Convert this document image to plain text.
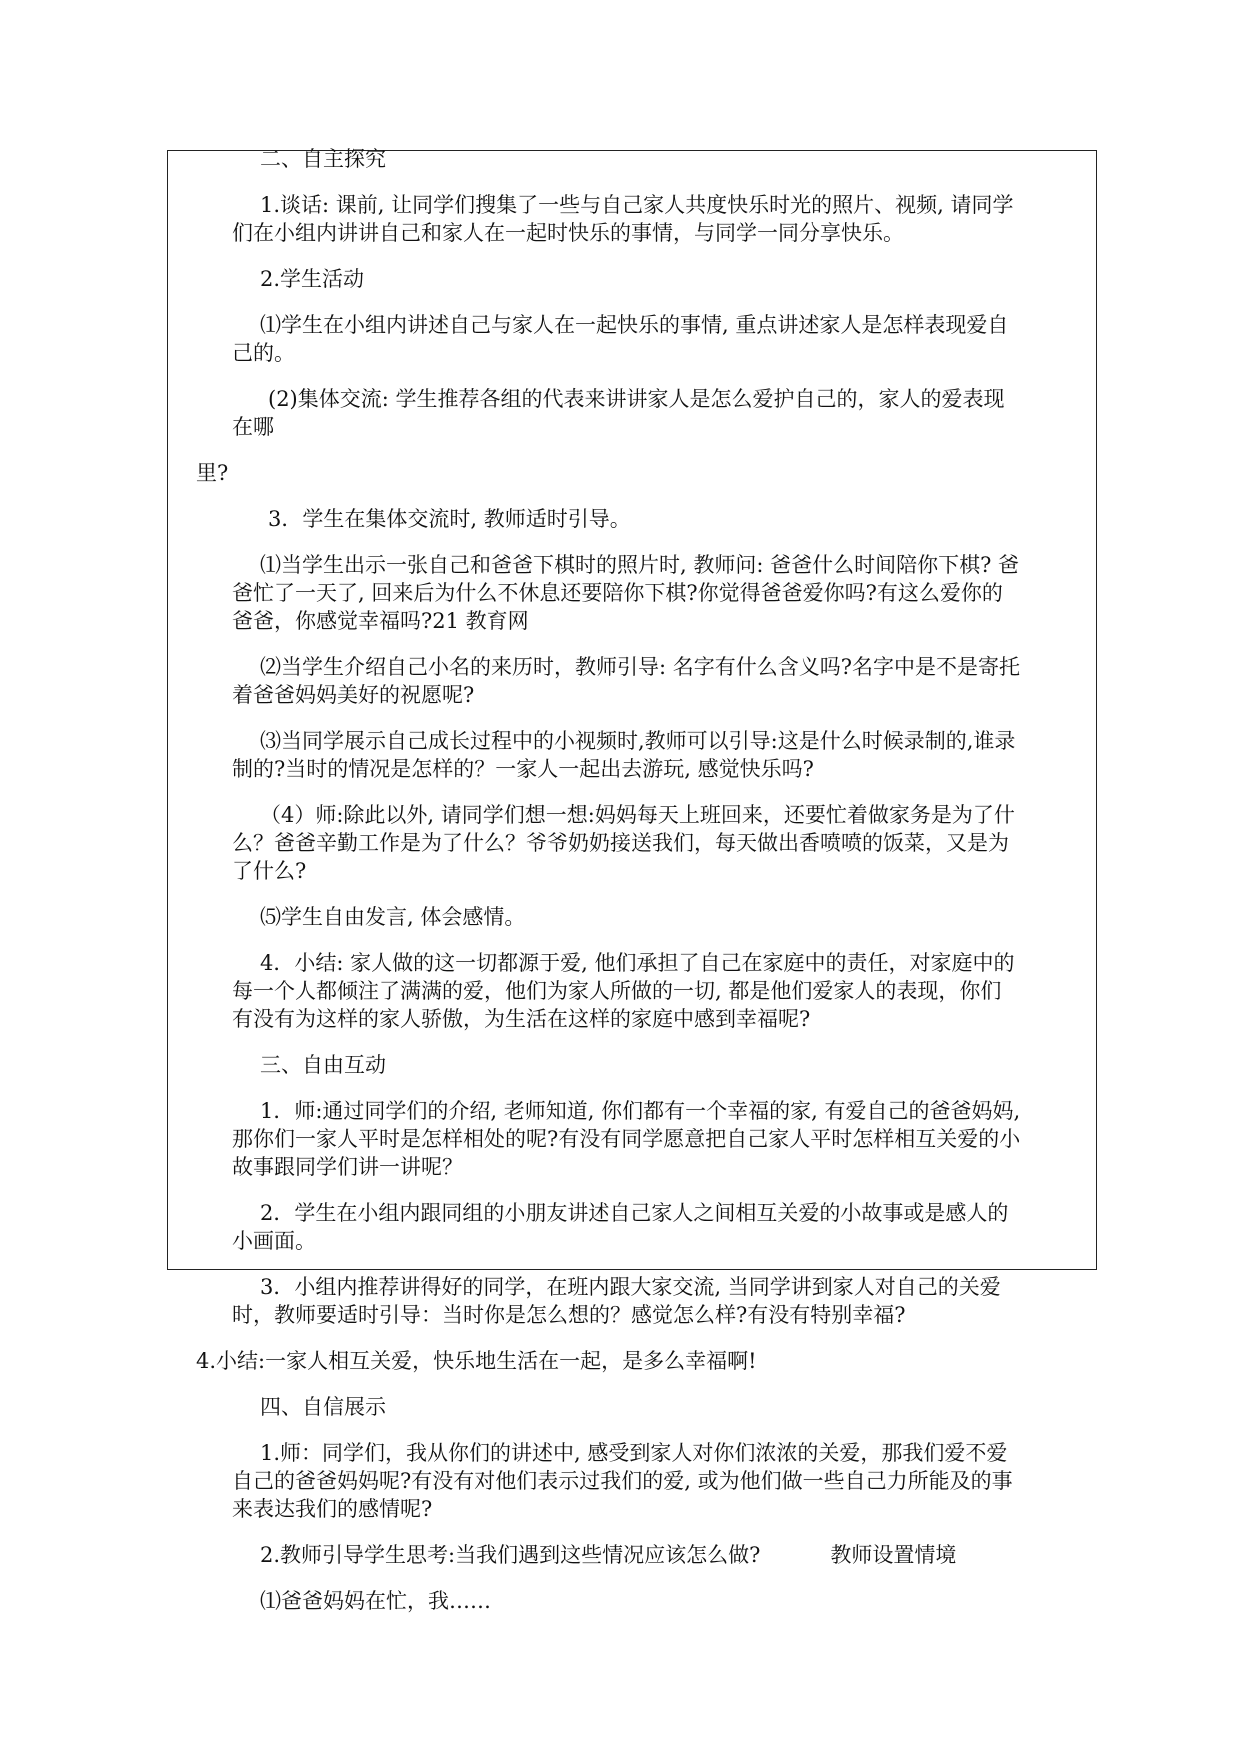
二、自主探究

1.谈话: 课前, 让同学们搜集了一些与自己家人共度快乐时光的照片、视频, 请同学们在小组内讲讲自己和家人在一起时快乐的事情，与同学一同分享快乐。

2.学生活动

⑴学生在小组内讲述自己与家人在一起快乐的事情, 重点讲述家人是怎样表现爱自己的。

(2)集体交流: 学生推荐各组的代表来讲讲家人是怎么爱护自己的，家人的爱表现在哪

里?

3．学生在集体交流时, 教师适时引导。

⑴当学生出示一张自己和爸爸下棋时的照片时, 教师问: 爸爸什么时间陪你下棋? 爸爸忙了一天了, 回来后为什么不休息还要陪你下棋?你觉得爸爸爱你吗?有这么爱你的爸爸，你感觉幸福吗?21 教育网

⑵当学生介绍自己小名的来历时，教师引导: 名字有什么含义吗?名字中是不是寄托着爸爸妈妈美好的祝愿呢?

⑶当同学展示自己成长过程中的小视频时,教师可以引导:这是什么时候录制的,谁录制的?当时的情况是怎样的？一家人一起出去游玩, 感觉快乐吗?

（4）师:除此以外, 请同学们想一想:妈妈每天上班回来，还要忙着做家务是为了什么？爸爸辛勤工作是为了什么？爷爷奶奶接送我们，每天做出香喷喷的饭菜，又是为了什么?

⑸学生自由发言, 体会感情。

4．小结: 家人做的这一切都源于爱, 他们承担了自己在家庭中的责任，对家庭中的每一个人都倾注了满满的爱，他们为家人所做的一切, 都是他们爱家人的表现，你们有没有为这样的家人骄傲，为生活在这样的家庭中感到幸福呢?

三、自由互动

1．师:通过同学们的介绍, 老师知道, 你们都有一个幸福的家, 有爱自己的爸爸妈妈, 那你们一家人平时是怎样相处的呢?有没有同学愿意把自己家人平时怎样相互关爱的小故事跟同学们讲一讲呢？

2．学生在小组内跟同组的小朋友讲述自己家人之间相互关爱的小故事或是感人的小画面。

3．小组内推荐讲得好的同学，在班内跟大家交流, 当同学讲到家人对自己的关爱时，教师要适时引导：当时你是怎么想的？感觉怎么样?有没有特别幸福?

4.小结:一家人相互关爱，快乐地生活在一起，是多么幸福啊!

四、自信展示

1.师：同学们，我从你们的讲述中, 感受到家人对你们浓浓的关爱，那我们爱不爱自己的爸爸妈妈呢?有没有对他们表示过我们的爱, 或为他们做一些自己力所能及的事来表达我们的感情呢?

2.教师引导学生思考:当我们遇到这些情况应该怎么做?	教师设置情境

⑴爸爸妈妈在忙，我……
